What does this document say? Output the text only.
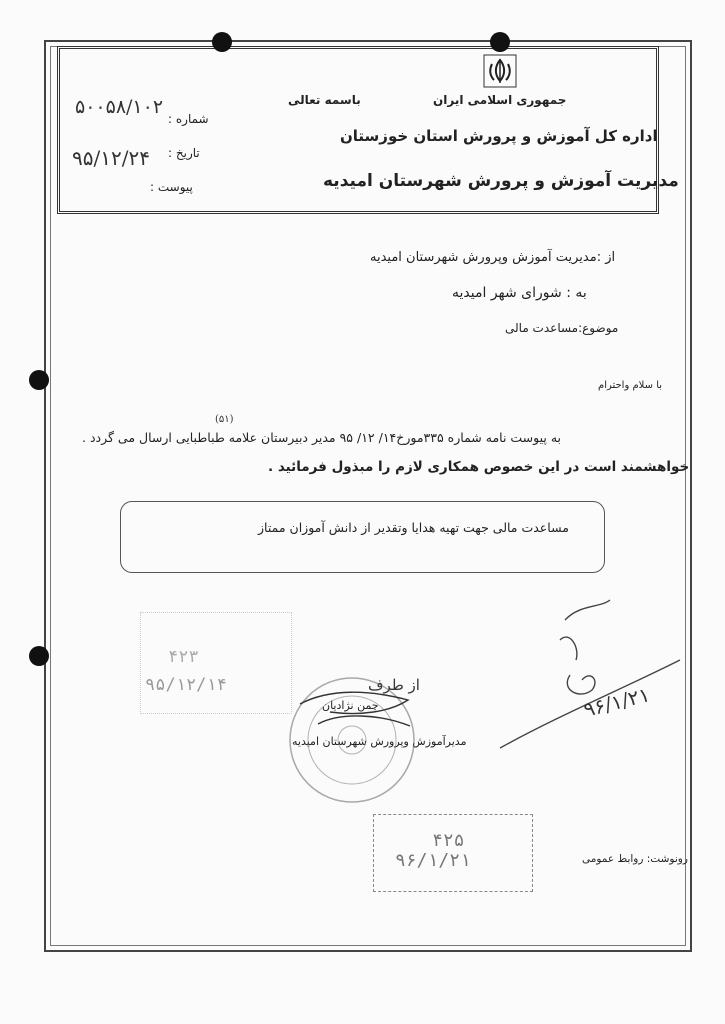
جمهوری اسلامی ایران
باسمه تعالی
اداره کل آموزش و پرورش استان خوزستان
مدیریت آموزش و پرورش شهرستان امیدیه
شماره :
۵۰۰۵۸/۱۰۲
تاریخ :
۹۵/۱۲/۲۴
پیوست :
از :مدیریت آموزش وپرورش شهرستان امیدیه
به : شورای شهر امیدیه
موضوع:مساعدت مالی
با سلام واحترام
(۵۱)
به پیوست نامه شماره ۳۳۵مورخ۱۴/ ۱۲/ ۹۵ مدیر دبیرستان علامه طباطبایی ارسال می گردد .
خواهشمند است در این خصوص همکاری لازم را مبذول فرمائید .
مساعدت مالی جهت تهیه هدایا وتقدیر از دانش آموزان ممتاز
۴۲۳
۹۵/۱۲/۱۴	از طرف
چمن نژادیان
مدیرآموزش وپرورش شهرستان امیدیه
۹۶/۱/۲۱
۴۲۵
۹۶/۱/۲۱	رونوشت: روابط عمومی
